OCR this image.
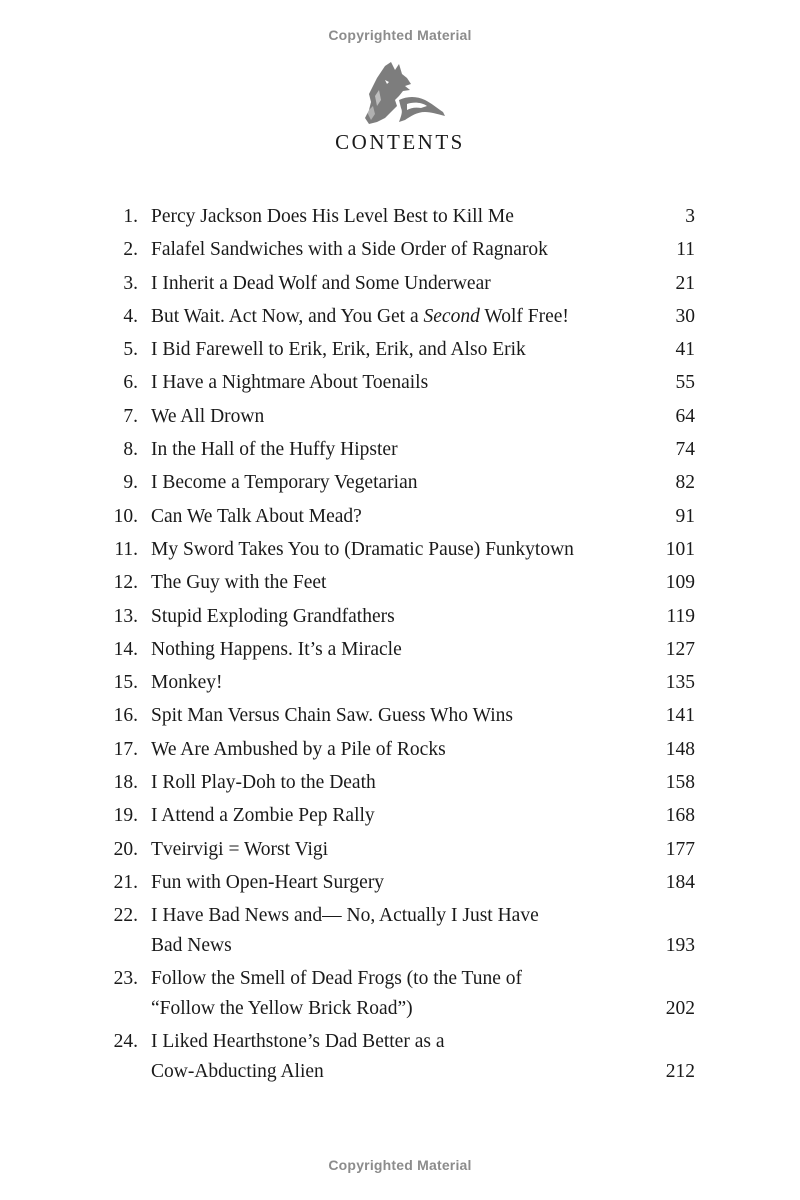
Copyrighted Material
CONTENTS
1. Percy Jackson Does His Level Best to Kill Me	3
2. Falafel Sandwiches with a Side Order of Ragnarok	11
3. I Inherit a Dead Wolf and Some Underwear	21
4. But Wait. Act Now, and You Get a Second Wolf Free!	30
5. I Bid Farewell to Erik, Erik, Erik, and Also Erik	41
6. I Have a Nightmare About Toenails	55
7. We All Drown	64
8. In the Hall of the Huffy Hipster	74
9. I Become a Temporary Vegetarian	82
10. Can We Talk About Mead?	91
11. My Sword Takes You to (Dramatic Pause) Funkytown	101
12. The Guy with the Feet	109
13. Stupid Exploding Grandfathers	119
14. Nothing Happens. It’s a Miracle	127
15. Monkey!	135
16. Spit Man Versus Chain Saw. Guess Who Wins	141
17. We Are Ambushed by a Pile of Rocks	148
18. I Roll Play-Doh to the Death	158
19. I Attend a Zombie Pep Rally	168
20. Tveirvigi = Worst Vigi	177
21. Fun with Open-Heart Surgery	184
22. I Have Bad News and— No, Actually I Just Have
Bad News	193
23. Follow the Smell of Dead Frogs (to the Tune of
“Follow the Yellow Brick Road”)	202
24. I Liked Hearthstone’s Dad Better as a
Cow-Abducting Alien	212
Copyrighted Material
